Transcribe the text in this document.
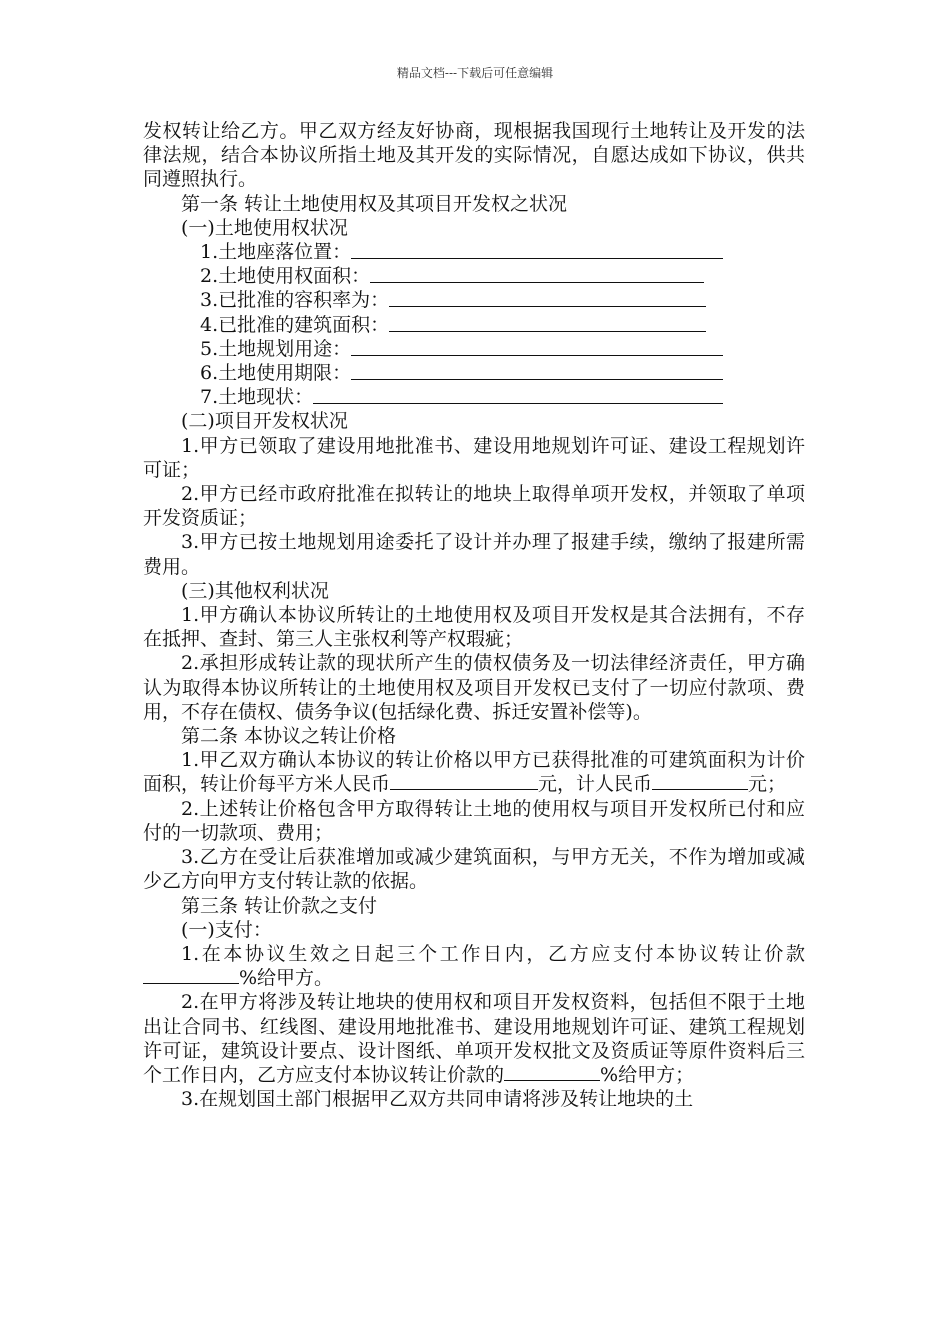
精品文档---下载后可任意编辑

发权转让给乙方。甲乙双方经友好协商，现根据我国现行土地转让及开发的法律法规，结合本协议所指土地及其开发的实际情况，自愿达成如下协议，供共同遵照执行。

第一条 转让土地使用权及其项目开发权之状况

(一)土地使用权状况

1.土地座落位置：
2.土地使用权面积：
3.已批准的容积率为：
4.已批准的建筑面积：
5.土地规划用途：
6.土地使用期限：
7.土地现状：

(二)项目开发权状况

1.甲方已领取了建设用地批准书、建设用地规划许可证、建设工程规划许可证；

2.甲方已经市政府批准在拟转让的地块上取得单项开发权，并领取了单项开发资质证；

3.甲方已按土地规划用途委托了设计并办理了报建手续，缴纳了报建所需费用。

(三)其他权利状况

1.甲方确认本协议所转让的土地使用权及项目开发权是其合法拥有，不存在抵押、查封、第三人主张权利等产权瑕疵；

2.承担形成转让款的现状所产生的债权债务及一切法律经济责任，甲方确认为取得本协议所转让的土地使用权及项目开发权已支付了一切应付款项、费用，不存在债权、债务争议(包括绿化费、拆迁安置补偿等)。

第二条 本协议之转让价格

1.甲乙双方确认本协议的转让价格以甲方已获得批准的可建筑面积为计价面积，转让价每平方米人民币	元，计人民币	元；

2.上述转让价格包含甲方取得转让土地的使用权与项目开发权所已付和应付的一切款项、费用；

3.乙方在受让后获准增加或减少建筑面积，与甲方无关，不作为增加或减少乙方向甲方支付转让款的依据。

第三条 转让价款之支付

(一)支付：

1.在本协议生效之日起三个工作日内，乙方应支付本协议转让价款%给甲方。

2.在甲方将涉及转让地块的使用权和项目开发权资料，包括但不限于土地出让合同书、红线图、建设用地批准书、建设用地规划许可证、建筑工程规划许可证，建筑设计要点、设计图纸、单项开发权批文及资质证等原件资料后三个工作日内，乙方应支付本协议转让价款的	%给甲方；

3.在规划国土部门根据甲乙双方共同申请将涉及转让地块的土
